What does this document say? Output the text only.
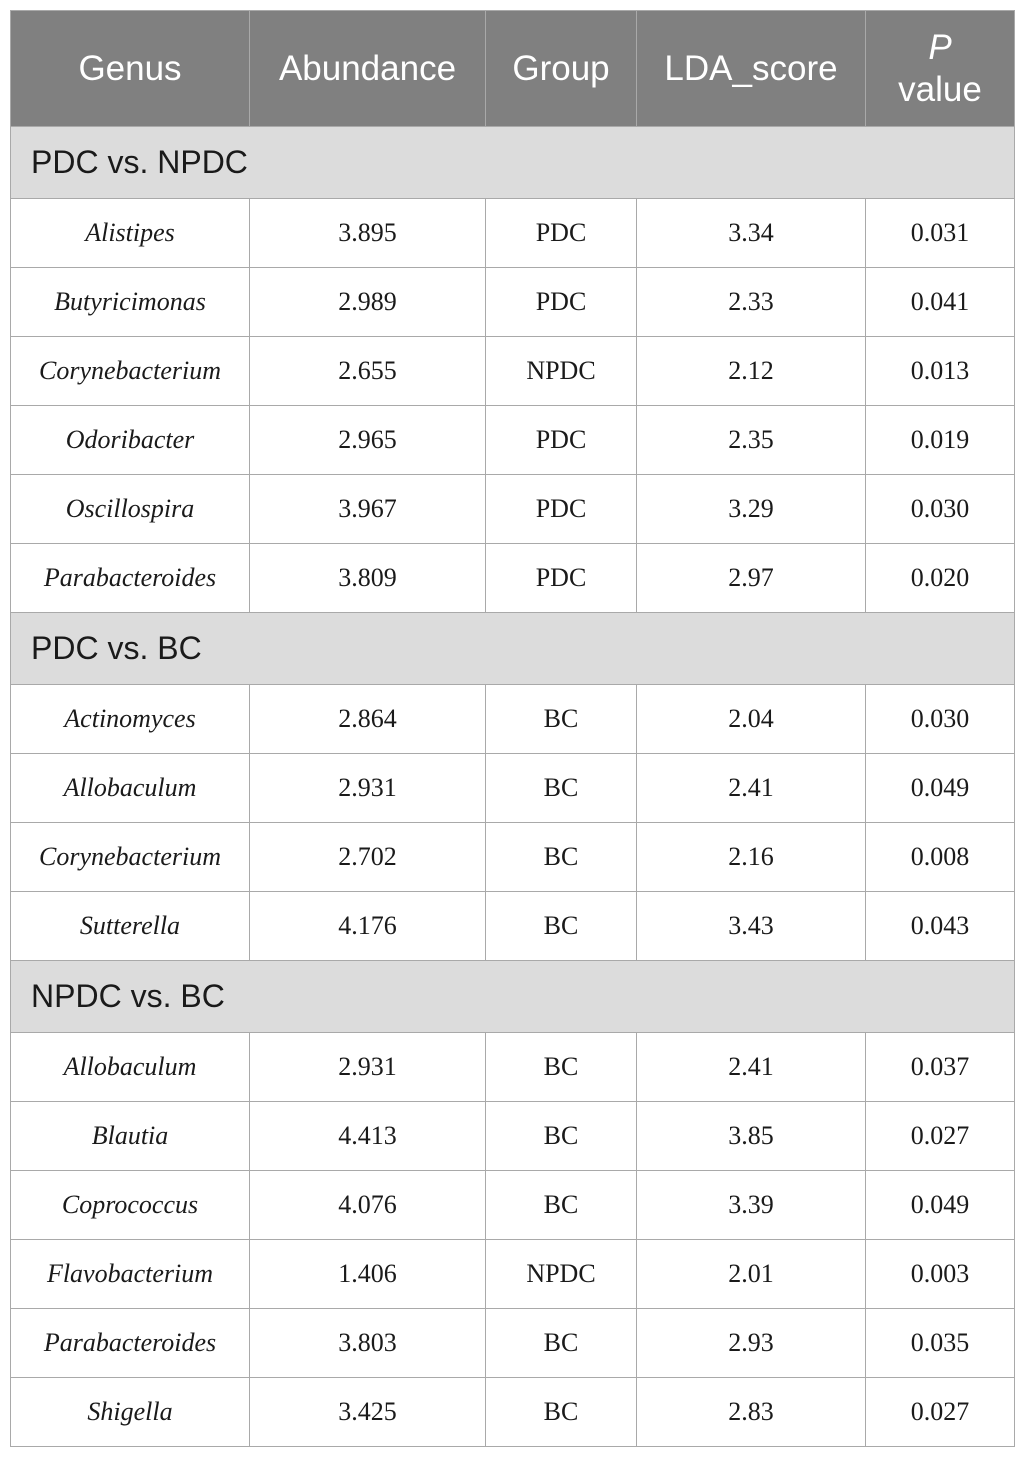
Genus	Abundance	Group	LDA_score	P
value
PDC vs. NPDC				
Alistipes	3.895	PDC	3.34	0.031
Butyricimonas	2.989	PDC	2.33	0.041
Corynebacterium	2.655	NPDC	2.12	0.013
Odoribacter	2.965	PDC	2.35	0.019
Oscillospira	3.967	PDC	3.29	0.030
Parabacteroides	3.809	PDC	2.97	0.020
PDC vs. BC				
Actinomyces	2.864	BC	2.04	0.030
Allobaculum	2.931	BC	2.41	0.049
Corynebacterium	2.702	BC	2.16	0.008
Sutterella	4.176	BC	3.43	0.043
NPDC vs. BC				
Allobaculum	2.931	BC	2.41	0.037
Blautia	4.413	BC	3.85	0.027
Coprococcus	4.076	BC	3.39	0.049
Flavobacterium	1.406	NPDC	2.01	0.003
Parabacteroides	3.803	BC	2.93	0.035
Shigella	3.425	BC	2.83	0.027
